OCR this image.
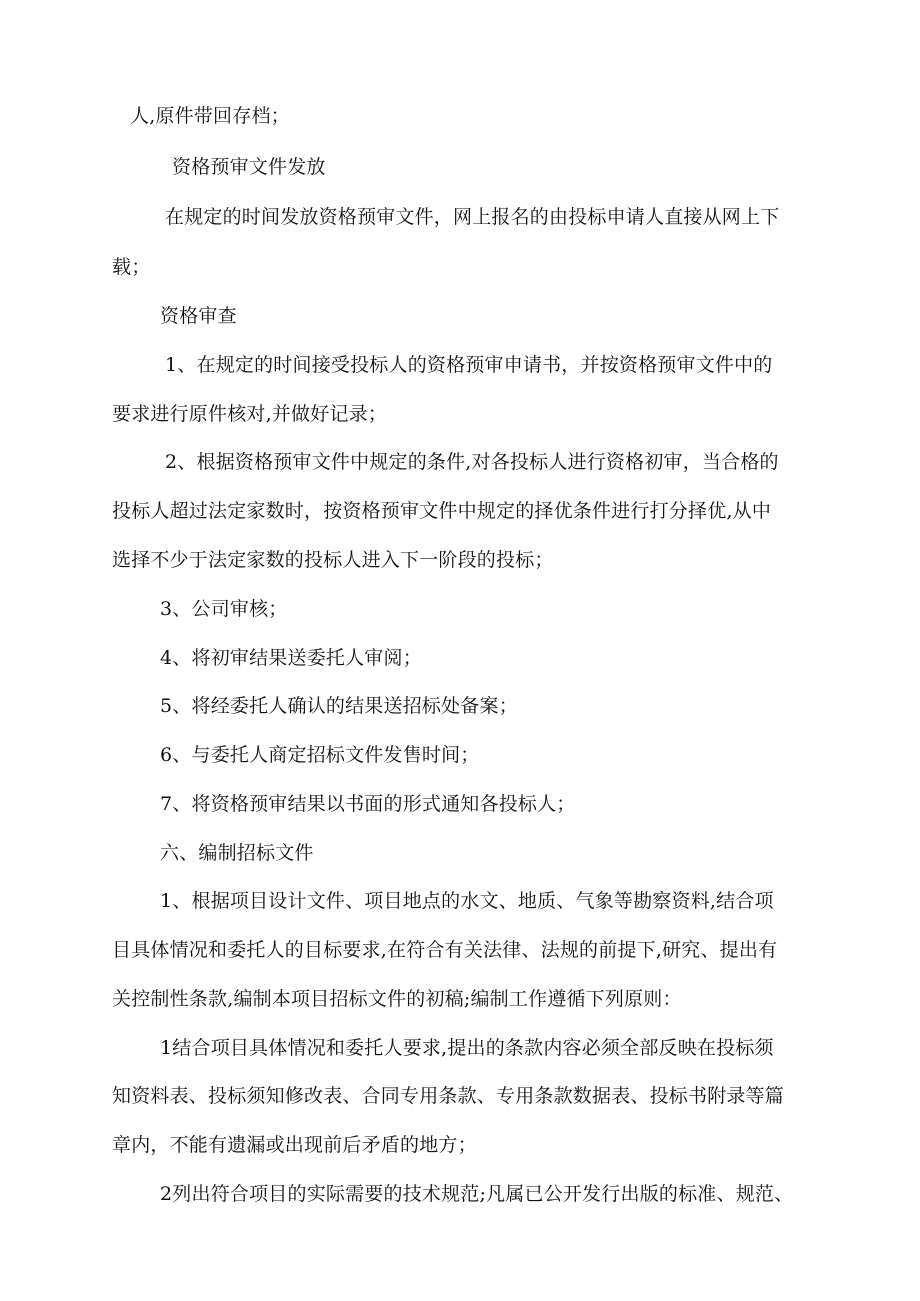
人,原件带回存档；
资格预审文件发放
在规定的时间发放资格预审文件，网上报名的由投标申请人直接从网上下
载；
资格审查
1、在规定的时间接受投标人的资格预审申请书，并按资格预审文件中的
要求进行原件核对,并做好记录；
2、根据资格预审文件中规定的条件,对各投标人进行资格初审，当合格的
投标人超过法定家数时，按资格预审文件中规定的择优条件进行打分择优,从中
选择不少于法定家数的投标人进入下一阶段的投标；
3、公司审核；
4、将初审结果送委托人审阅；
5、将经委托人确认的结果送招标处备案；
6、与委托人商定招标文件发售时间；
7、将资格预审结果以书面的形式通知各投标人；
六、编制招标文件
1、根据项目设计文件、项目地点的水文、地质、气象等勘察资料,结合项
目具体情况和委托人的目标要求,在符合有关法律、法规的前提下,研究、提出有
关控制性条款,编制本项目招标文件的初稿;编制工作遵循下列原则：
1结合项目具体情况和委托人要求,提出的条款内容必须全部反映在投标须
知资料表、投标须知修改表、合同专用条款、专用条款数据表、投标书附录等篇
章内，不能有遗漏或出现前后矛盾的地方；
2列出符合项目的实际需要的技术规范;凡属已公开发行出版的标准、规范、
